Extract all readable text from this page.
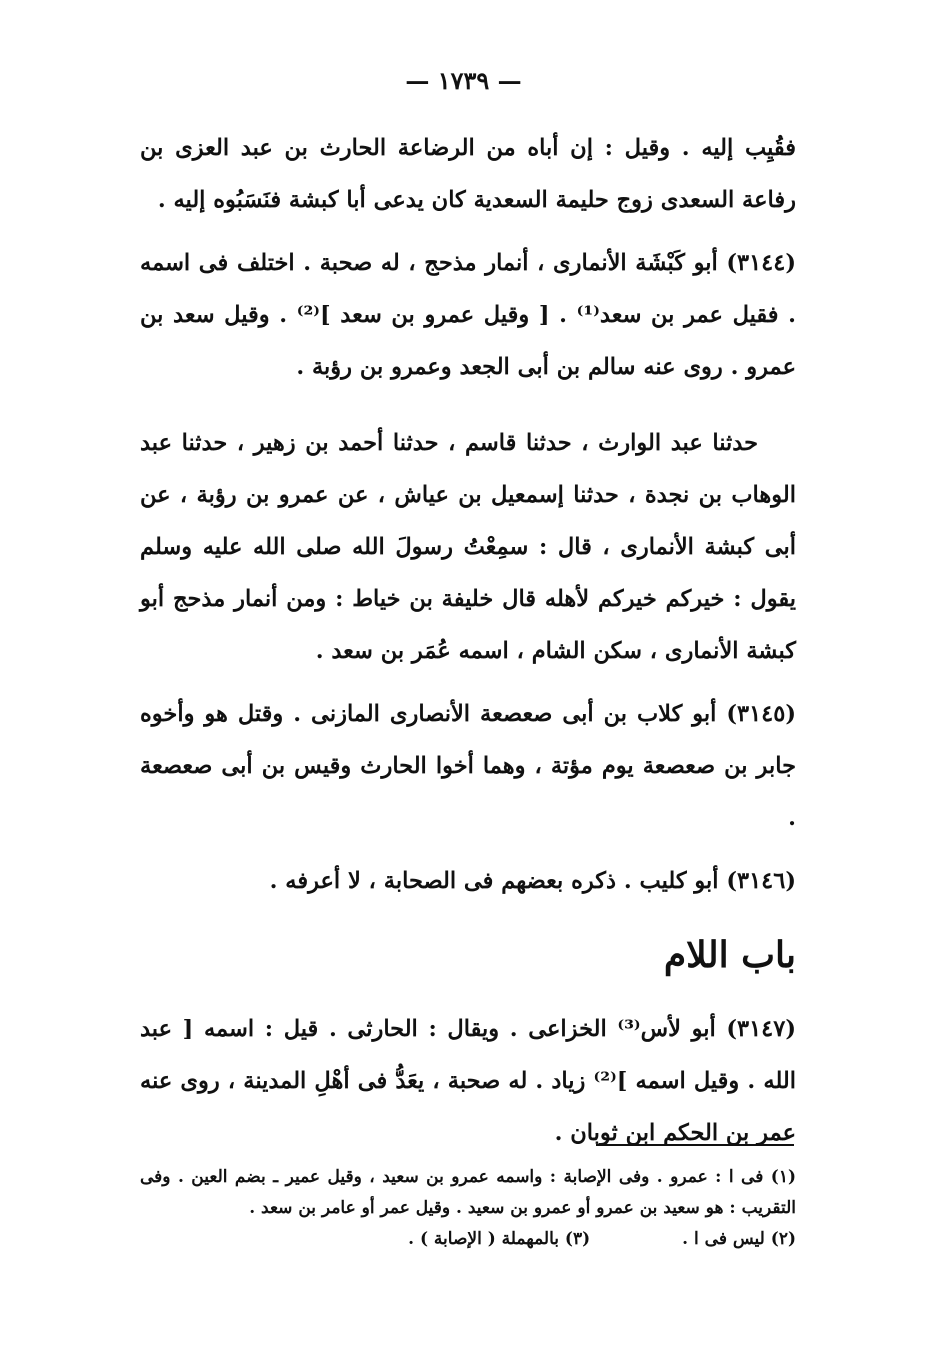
— ١٧٣٩ —

فقُيِب إليه . وقيل : إن أباه من الرضاعة الحارث بن عبد العزى بن رفاعة السعدى زوج حليمة السعدية كان يدعى أبا كبشة فنَسَبُوه إليه .

(٣١٤٤) أبو كَبْشَة الأنمارى ، أنمار مذحج ، له صحبة . اختلف فى اسمه . فقيل عمر بن سعد⁽¹⁾ . [ وقيل عمرو بن سعد ]⁽²⁾ . وقيل سعد بن عمرو . روى عنه سالم بن أبى الجعد وعمرو بن رؤبة .

حدثنا عبد الوارث ، حدثنا قاسم ، حدثنا أحمد بن زهير ، حدثنا عبد الوهاب بن نجدة ، حدثنا إسمعيل بن عياش ، عن عمرو بن رؤبة ، عن أبى كبشة الأنمارى ، قال : سمِعْتُ رسولَ الله صلى الله عليه وسلم يقول : خيركم خيركم لأهله قال خليفة بن خياط : ومن أنمار مذحج أبو كبشة الأنمارى ، سكن الشام ، اسمه عُمَر بن سعد .

(٣١٤٥) أبو كلاب بن أبى صعصعة الأنصارى المازنى . وقتل هو وأخوه جابر بن صعصعة يوم مؤتة ، وهما أخوا الحارث وقيس بن أبى صعصعة .

(٣١٤٦) أبو كليب . ذكره بعضهم فى الصحابة ، لا أعرفه .

باب اللام

(٣١٤٧) أبو لأس⁽³⁾ الخزاعى . ويقال : الحارثى . قيل : اسمه [ عبد الله . وقيل اسمه ]⁽²⁾ زياد . له صحبة ، يعَدُّ فى أهْلِ المدينة ، روى عنه عمر بن الحكم ابن ثوبان .

(١) فى ا : عمرو . وفى الإصابة : واسمه عمرو بن سعيد ، وقيل عمير ـ بضم العين . وفى التقريب : هو سعيد بن عمرو أو عمرو بن سعيد . وقيل عمر أو عامر بن سعد .

(٢) ليس فى ا .
(٣) بالمهملة ( الإصابة ) .
